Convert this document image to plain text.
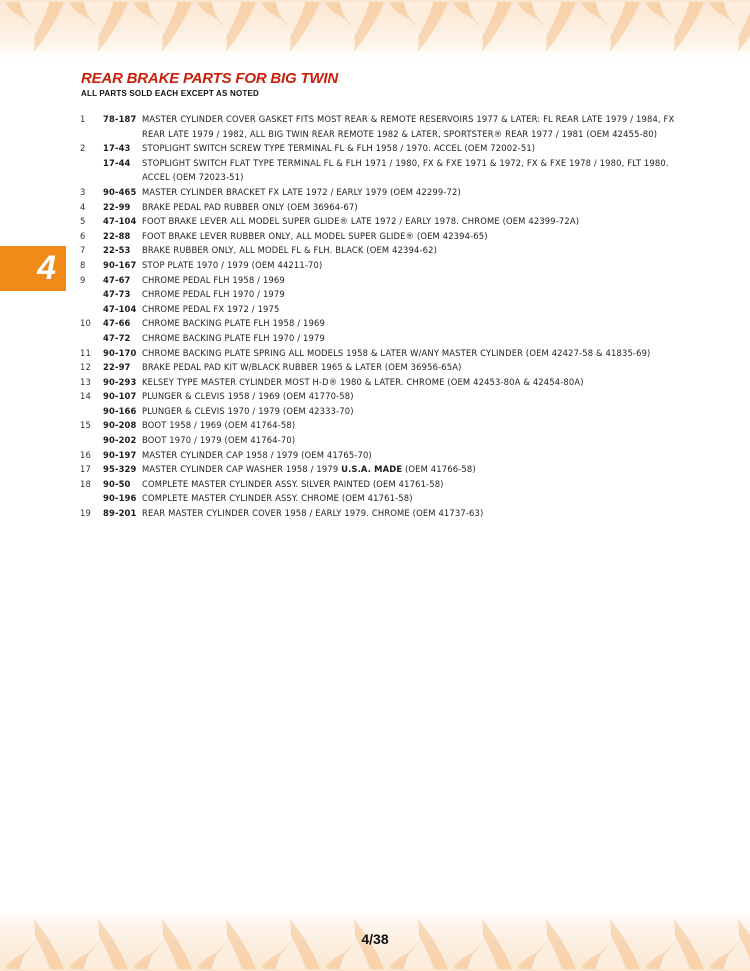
REAR BRAKE PARTS FOR BIG TWIN

ALL PARTS SOLD EACH EXCEPT AS NOTED

4
1	78-187 MASTER CYLINDER COVER GASKET FITS MOST REAR & REMOTE RESERVOIRS 1977 & LATER: FL REAR LATE 1979 / 1984, FX REAR LATE 1979 / 1982, ALL BIG TWIN REAR REMOTE 1982 & LATER, SPORTSTER® REAR 1977 / 1981 (OEM 42455-80)
2	17-43	STOPLIGHT SWITCH SCREW TYPE TERMINAL FL & FLH 1958 / 1970. ACCEL (OEM 72002-51)
17-44	STOPLIGHT SWITCH FLAT TYPE TERMINAL FL & FLH 1971 / 1980, FX & FXE 1971 & 1972, FX & FXE 1978 / 1980, FLT 1980. ACCEL (OEM 72023-51)
3	90-465 MASTER CYLINDER BRACKET FX LATE 1972 / EARLY 1979 (OEM 42299-72)
4	22-99	BRAKE PEDAL PAD RUBBER ONLY (OEM 36964-67)
5	47-104 FOOT BRAKE LEVER ALL MODEL SUPER GLIDE® LATE 1972 / EARLY 1978. CHROME (OEM 42399-72A)
6	22-88	FOOT BRAKE LEVER RUBBER ONLY, ALL MODEL SUPER GLIDE® (OEM 42394-65)
7	22-53	BRAKE RUBBER ONLY, ALL MODEL FL & FLH. BLACK (OEM 42394-62)
8	90-167 STOP PLATE 1970 / 1979 (OEM 44211-70)
9	47-67	CHROME PEDAL FLH 1958 / 1969
47-73	CHROME PEDAL FLH 1970 / 1979
47-104 CHROME PEDAL FX 1972 / 1975
10	47-66	CHROME BACKING PLATE FLH 1958 / 1969
47-72	CHROME BACKING PLATE FLH 1970 / 1979
11	90-170 CHROME BACKING PLATE SPRING ALL MODELS 1958 & LATER W/ANY MASTER CYLINDER (OEM 42427-58 & 41835-69)
12	22-97	BRAKE PEDAL PAD KIT W/BLACK RUBBER 1965 & LATER (OEM 36956-65A)
13	90-293 KELSEY TYPE MASTER CYLINDER MOST H-D® 1980 & LATER. CHROME (OEM 42453-80A & 42454-80A)
14	90-107 PLUNGER & CLEVIS 1958 / 1969 (OEM 41770-58)
90-166 PLUNGER & CLEVIS 1970 / 1979 (OEM 42333-70)
15	90-208 BOOT 1958 / 1969 (OEM 41764-58)
90-202 BOOT 1970 / 1979 (OEM 41764-70)
16	90-197 MASTER CYLINDER CAP 1958 / 1979 (OEM 41765-70)
17	95-329 MASTER CYLINDER CAP WASHER 1958 / 1979 U.S.A. MADE (OEM 41766-58)
18	90-50	COMPLETE MASTER CYLINDER ASSY. SILVER PAINTED (OEM 41761-58)
90-196 COMPLETE MASTER CYLINDER ASSY. CHROME (OEM 41761-58)
19	89-201 REAR MASTER CYLINDER COVER 1958 / EARLY 1979. CHROME (OEM 41737-63)
4/38
